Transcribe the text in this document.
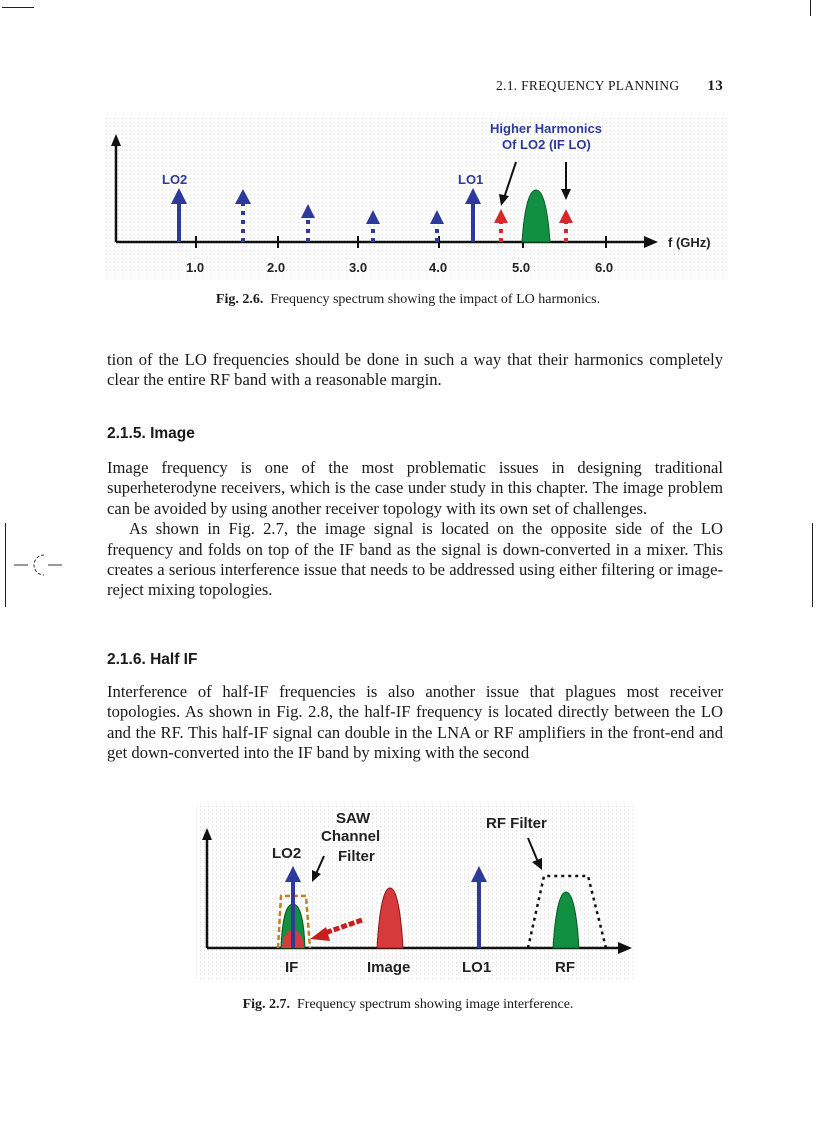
2.1. FREQUENCY PLANNING 13
f (GHz)
1.0	2.0	3.0	4.0	5.0	6.0
LO2	LO1
Higher Harmonics
Of LO2 (IF LO)
Fig. 2.6. Frequency spectrum showing the impact of LO harmonics.

tion of the LO frequencies should be done in such a way that their harmonics completely clear the entire RF band with a reasonable margin.

2.1.5. Image

Image frequency is one of the most problematic issues in designing traditional superheterodyne receivers, which is the case under study in this chapter. The image problem can be avoided by using another receiver topology with its own set of challenges.

As shown in Fig. 2.7, the image signal is located on the opposite side of the LO frequency and folds on top of the IF band as the signal is down-converted in a mixer. This creates a serious interference issue that needs to be addressed using either filtering or image-reject mixing topologies.

2.1.6. Half IF

Interference of half-IF frequencies is also another issue that plagues most receiver topologies. As shown in Fig. 2.8, the half-IF frequency is located directly between the LO and the RF. This half-IF signal can double in the LNA or RF amplifiers in the front-end and get down-converted into the IF band by mixing with the second

LO2
SAW
Channel
Filter
RF Filter
IF	Image	LO1	RF
Fig. 2.7. Frequency spectrum showing image interference.
